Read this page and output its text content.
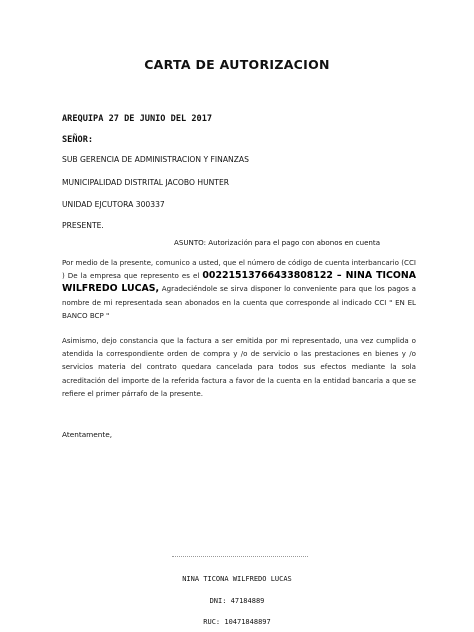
CARTA DE AUTORIZACION
AREQUIPA 27 DE JUNIO DEL 2017
SEÑOR:
SUB GERENCIA DE ADMINISTRACION Y FINANZAS
MUNICIPALIDAD DISTRITAL JACOBO HUNTER
UNIDAD EJCUTORA 300337
PRESENTE.
ASUNTO: Autorización para el pago con abonos en cuenta
Por medio de la presente, comunico a usted, que el número de código de cuenta interbancario (CCI ) De la empresa que represento es el 00221513766433808122 – NINA TICONA WILFREDO LUCAS, Agradeciéndole se sirva disponer lo conveniente para que los pagos a nombre de mi representada sean abonados en la cuenta que corresponde al indicado CCI " EN EL BANCO BCP "
Asimismo, dejo constancia que la factura a ser emitida por mi representado, una vez cumplida o atendida la correspondiente orden de compra y /o de servicio o las prestaciones en bienes y /o servicios materia del contrato quedara cancelada para todos sus efectos mediante la sola acreditación del importe de la referida factura a favor de la cuenta en la entidad bancaria a que se refiere el primer párrafo de la presente.
Atentamente,
NINA TICONA WILFREDO LUCAS
DNI: 47184889
RUC: 10471848897
